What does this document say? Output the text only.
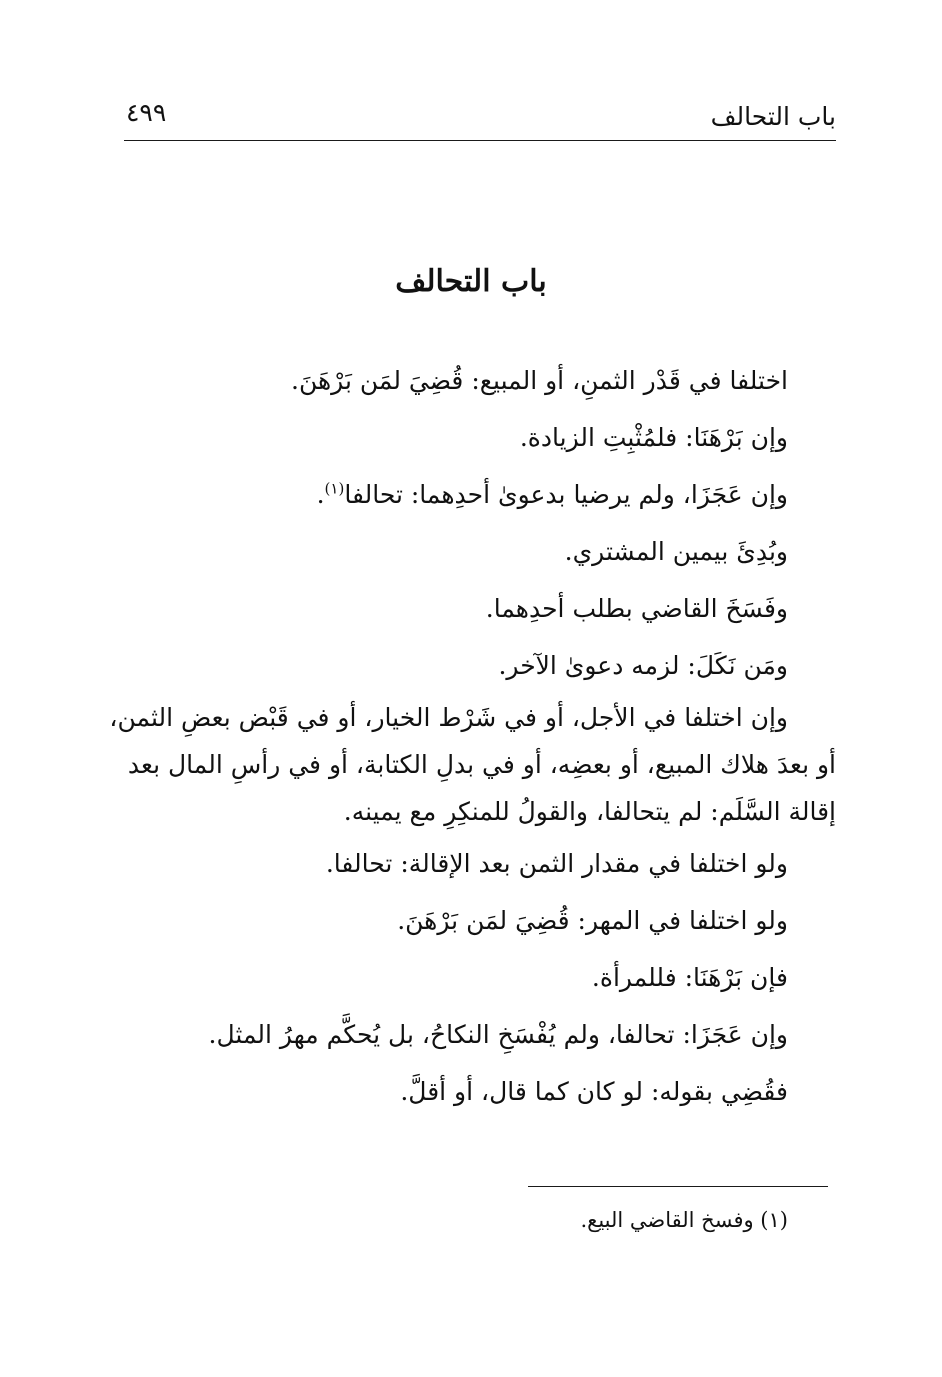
باب التحالف
٤٩٩
باب التحالف
اختلفا في قَدْر الثمنِ، أو المبيع: قُضِيَ لمَن بَرْهَنَ.
وإن بَرْهَنَا: فلمُثْبِتِ الزيادة.
وإن عَجَزَا، ولم يرضيا بدعوىٰ أحدِهما: تحالفا$^{(١)}$.
وبُدِئَ بيمين المشتري.
وفَسَخَ القاضي بطلب أحدِهما.
ومَن نَكَلَ: لزمه دعوىٰ الآخر.
وإن اختلفا في الأجل، أو في شَرْط الخيار، أو في قَبْض بعضِ الثمن،
أو بعدَ هلاك المبيع، أو بعضِه، أو في بدلِ الكتابة، أو في رأسِ المال بعد
إقالة السَّلَم: لم يتحالفا، والقولُ للمنكِرِ مع يمينه.
ولو اختلفا في مقدار الثمن بعد الإقالة: تحالفا.
ولو اختلفا في المهر: قُضِيَ لمَن بَرْهَنَ.
فإن بَرْهَنَا: فللمرأة.
وإن عَجَزَا: تحالفا، ولم يُفْسَخِ النكاحُ، بل يُحكَّم مهرُ المثل.
فقُضِي بقوله: لو كان كما قال، أو أقلَّ.
(١) وفسخ القاضي البيع.
